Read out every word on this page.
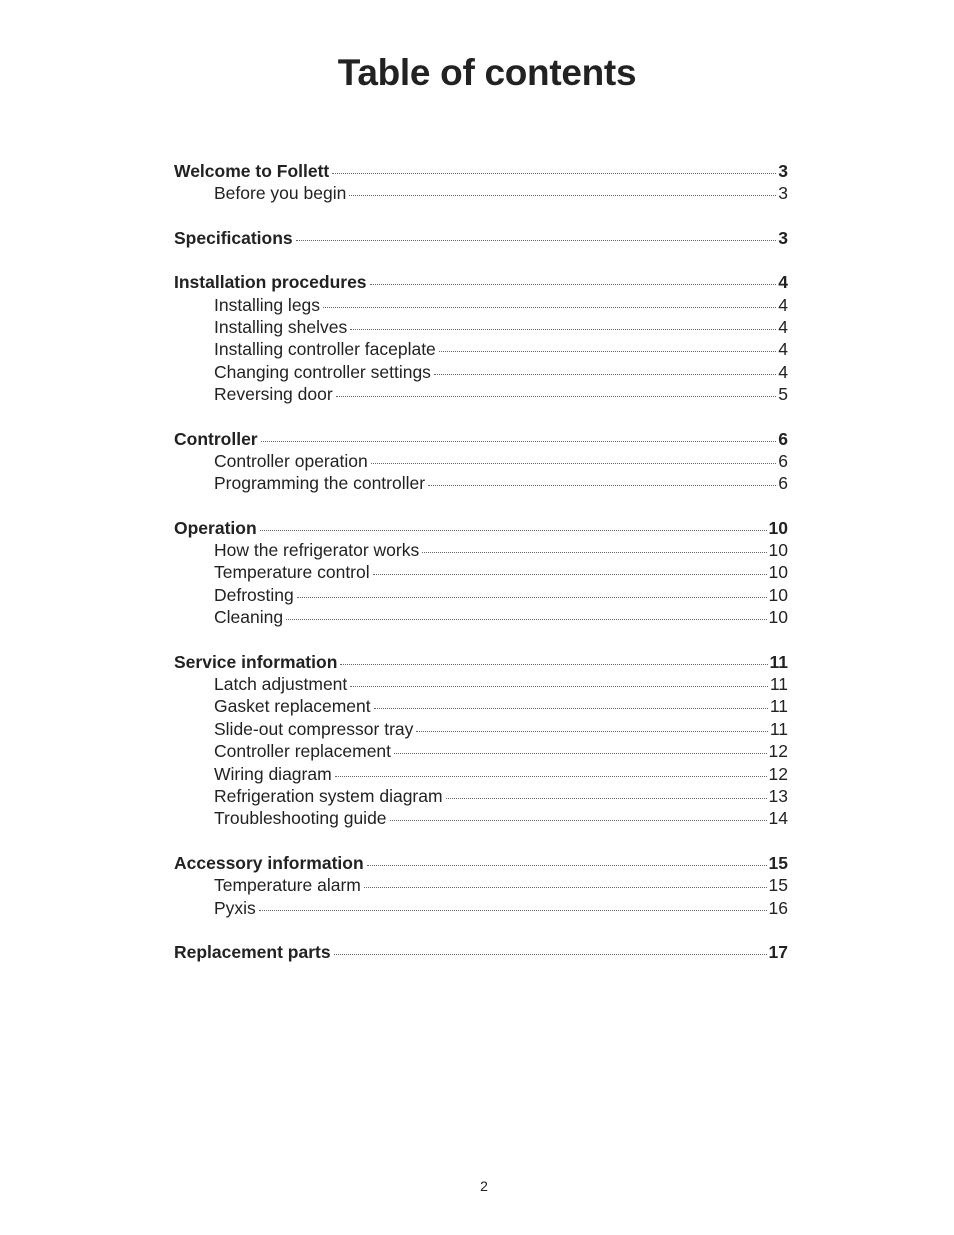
Table of contents
Welcome to Follett	3
Before you begin	3
Specifications	3
Installation procedures	4
Installing legs	4
Installing shelves	4
Installing controller faceplate	4
Changing controller settings	4
Reversing door	5
Controller	6
Controller operation	6
Programming the controller	6
Operation	10
How the refrigerator works	10
Temperature control	10
Defrosting	10
Cleaning	10
Service information	11
Latch adjustment	11
Gasket replacement	11
Slide-out compressor tray	11
Controller replacement	12
Wiring diagram	12
Refrigeration system diagram	13
Troubleshooting guide	14
Accessory information	15
Temperature alarm	15
Pyxis	16
Replacement parts	17
2
